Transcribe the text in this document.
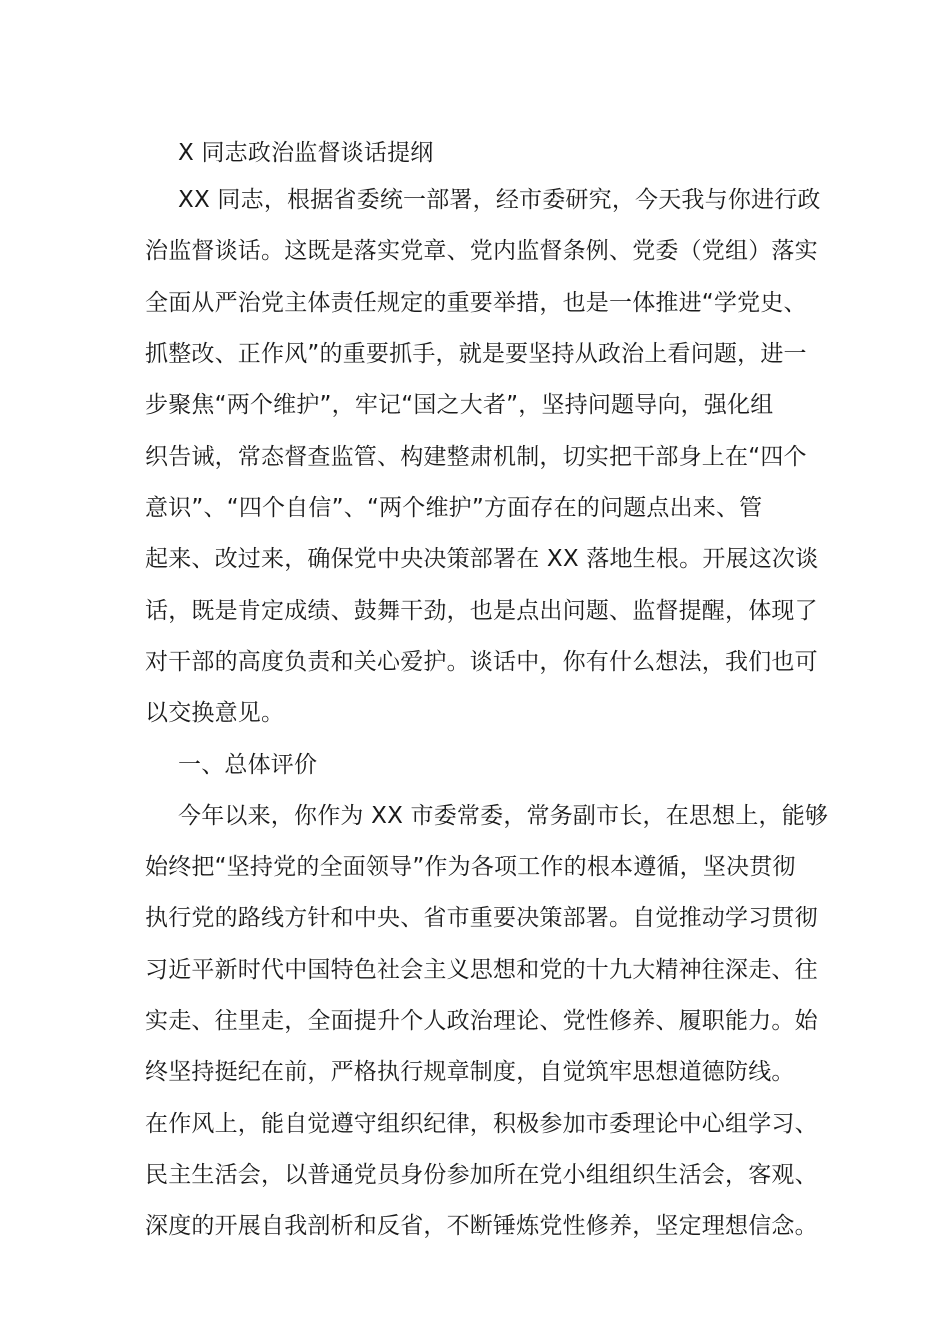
X 同志政治监督谈话提纲
XX 同志，根据省委统一部署，经市委研究，今天我与你进行政
治监督谈话。这既是落实党章、党内监督条例、党委（党组）落实
全面从严治党主体责任规定的重要举措，也是一体推进“学党史、
抓整改、正作风”的重要抓手，就是要坚持从政治上看问题，进一
步聚焦“两个维护”，牢记“国之大者”，坚持问题导向，强化组
织告诫，常态督查监管、构建整肃机制，切实把干部身上在“四个
意识”、“四个自信”、“两个维护”方面存在的问题点出来、管
起来、改过来，确保党中央决策部署在 XX 落地生根。开展这次谈
话，既是肯定成绩、鼓舞干劲，也是点出问题、监督提醒，体现了
对干部的高度负责和关心爱护。谈话中，你有什么想法，我们也可
以交换意见。
一、总体评价
今年以来，你作为 XX 市委常委，常务副市长，在思想上，能够
始终把“坚持党的全面领导”作为各项工作的根本遵循，坚决贯彻
执行党的路线方针和中央、省市重要决策部署。自觉推动学习贯彻
习近平新时代中国特色社会主义思想和党的十九大精神往深走、往
实走、往里走，全面提升个人政治理论、党性修养、履职能力。始
终坚持挺纪在前，严格执行规章制度，自觉筑牢思想道德防线。
在作风上，能自觉遵守组织纪律，积极参加市委理论中心组学习、
民主生活会，以普通党员身份参加所在党小组组织生活会，客观、
深度的开展自我剖析和反省，不断锤炼党性修养，坚定理想信念。
